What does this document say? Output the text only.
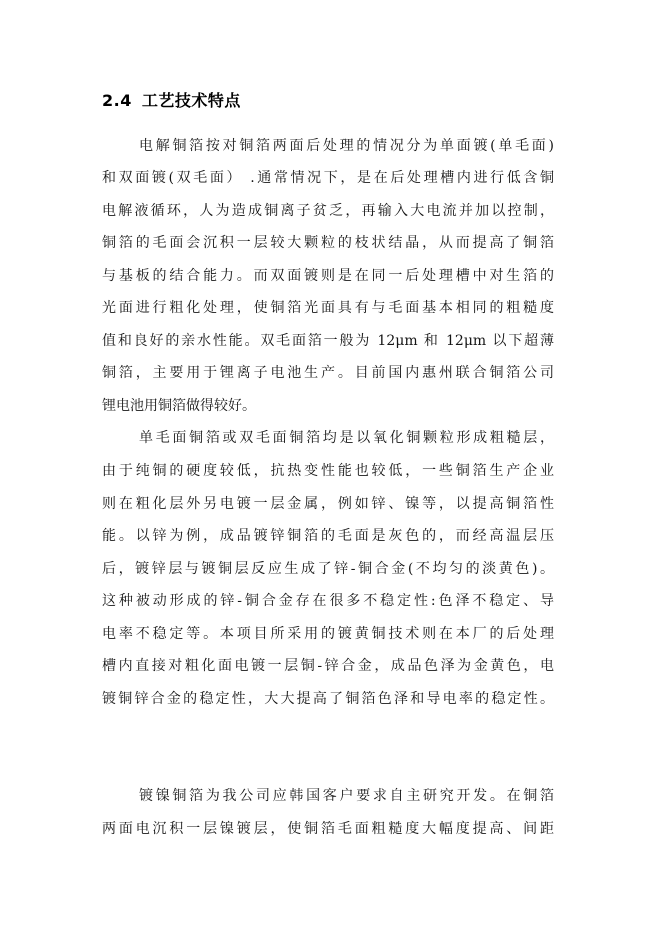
2.4 工艺技术特点
电解铜箔按对铜箔两面后处理的情况分为单面镀(单毛面)
和双面镀(双毛面） .通常情况下，是在后处理槽内进行低含铜
电解液循环，人为造成铜离子贫乏，再输入大电流并加以控制，
铜箔的毛面会沉积一层较大颗粒的枝状结晶，从而提高了铜箔
与基板的结合能力。而双面镀则是在同一后处理槽中对生箔的
光面进行粗化处理，使铜箔光面具有与毛面基本相同的粗糙度
值和良好的亲水性能。双毛面箔一般为 12μm 和 12μm 以下超薄
铜箔，主要用于锂离子电池生产。目前国内惠州联合铜箔公司
锂电池用铜箔做得较好。
单毛面铜箔或双毛面铜箔均是以氧化铜颗粒形成粗糙层，
由于纯铜的硬度较低，抗热变性能也较低，一些铜箔生产企业
则在粗化层外另电镀一层金属，例如锌、镍等，以提高铜箔性
能。以锌为例，成品镀锌铜箔的毛面是灰色的，而经高温层压
后，镀锌层与镀铜层反应生成了锌-铜合金(不均匀的淡黄色)。
这种被动形成的锌-铜合金存在很多不稳定性:色泽不稳定、导
电率不稳定等。本项目所采用的镀黄铜技术则在本厂的后处理
槽内直接对粗化面电镀一层铜-锌合金，成品色泽为金黄色，电
镀铜锌合金的稳定性，大大提高了铜箔色泽和导电率的稳定性。
镀镍铜箔为我公司应韩国客户要求自主研究开发。在铜箔
两面电沉积一层镍镀层，使铜箔毛面粗糙度大幅度提高、间距
